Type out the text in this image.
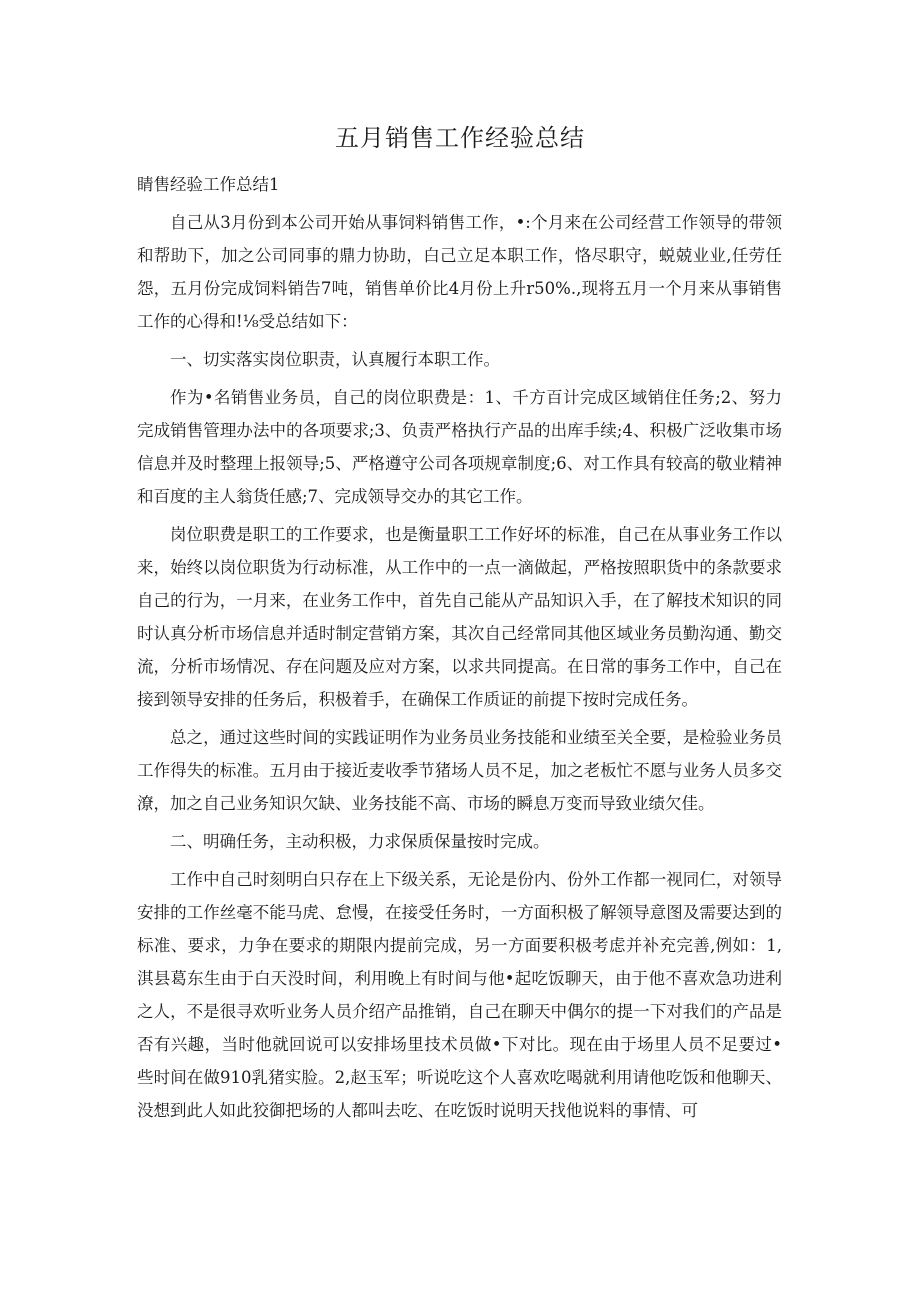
五月销售工作经验总结

睛售经验工作总结1

自己从3月份到本公司开始从事饲料销售工作，•:个月来在公司经营工作领导的带领和帮助下，加之公司同事的鼎力协助，白己立足本职工作，恪尽职守，蜕兢业业,任劳任怨，五月份完成饲料销告7吨，销售单价比4月份上升r50%.,现将五月一个月来从事销售工作的心得和!⅛受总结如下：

一、切实落实岗位职责，认真履行本职工作。

作为•名销售业务员，自己的岗位职费是：1、千方百计完成区域销住任务;2、努力完成销售管理办法中的各项要求;3、负责严格执行产品的出库手续;4、积极广泛收集市场信息并及时整理上报领导;5、严格遵守公司各项规章制度;6、对工作具有较高的敬业精神和百度的主人翁货任感;7、完成领导交办的其它工作。

岗位职费是职工的工作要求，也是衡量职工工作好坏的标准，自己在从事业务工作以来，始终以岗位职货为行动标准，从工作中的一点一滴做起，严格按照职货中的条款要求自己的行为，一月来，在业务工作中，首先自己能从产品知识入手，在了解技术知识的同时认真分析市场信息并适时制定营销方案，其次自己经常同其他区域业务员勤沟通、勤交流，分析市场情况、存在问题及应对方案，以求共同提高。在日常的事务工作中，自己在接到领导安排的任务后，积极着手，在确保工作质证的前提下按时完成任务。

总之，通过这些时间的实践证明作为业务员业务技能和业绩至关全要，是检验业务员工作得失的标准。五月由于接近麦收季节猪场人员不足，加之老板忙不愿与业务人员多交潦，加之自己业务知识欠缺、业务技能不高、市场的瞬息万变而导致业绩欠佳。

二、明确任务，主动积极，力求保质保量按时完成。

工作中自己时刻明白只存在上下级关系，无论是份内、份外工作都一视同仁，对领导安排的工作丝毫不能马虎、怠慢，在接受任务时，一方面积极了解领导意图及需要达到的标准、要求，力争在要求的期限内提前完成，另一方面要积极考虑并补充完善,例如：1,淇县葛东生由于白天没时间，利用晚上有时间与他•起吃饭聊天，由于他不喜欢急功进利之人，不是很寻欢听业务人员介绍产品推销，自己在聊天中偶尔的提一下对我们的产品是否有兴趣，当时他就回说可以安排场里技术员做•下对比。现在由于场里人员不足要过•些时间在做910乳猪实脸。2,赵玉军；听说吃这个人喜欢吃喝就利用请他吃饭和他聊天、没想到此人如此狡御把场的人都叫去吃、在吃饭时说明天找他说料的事情、可
